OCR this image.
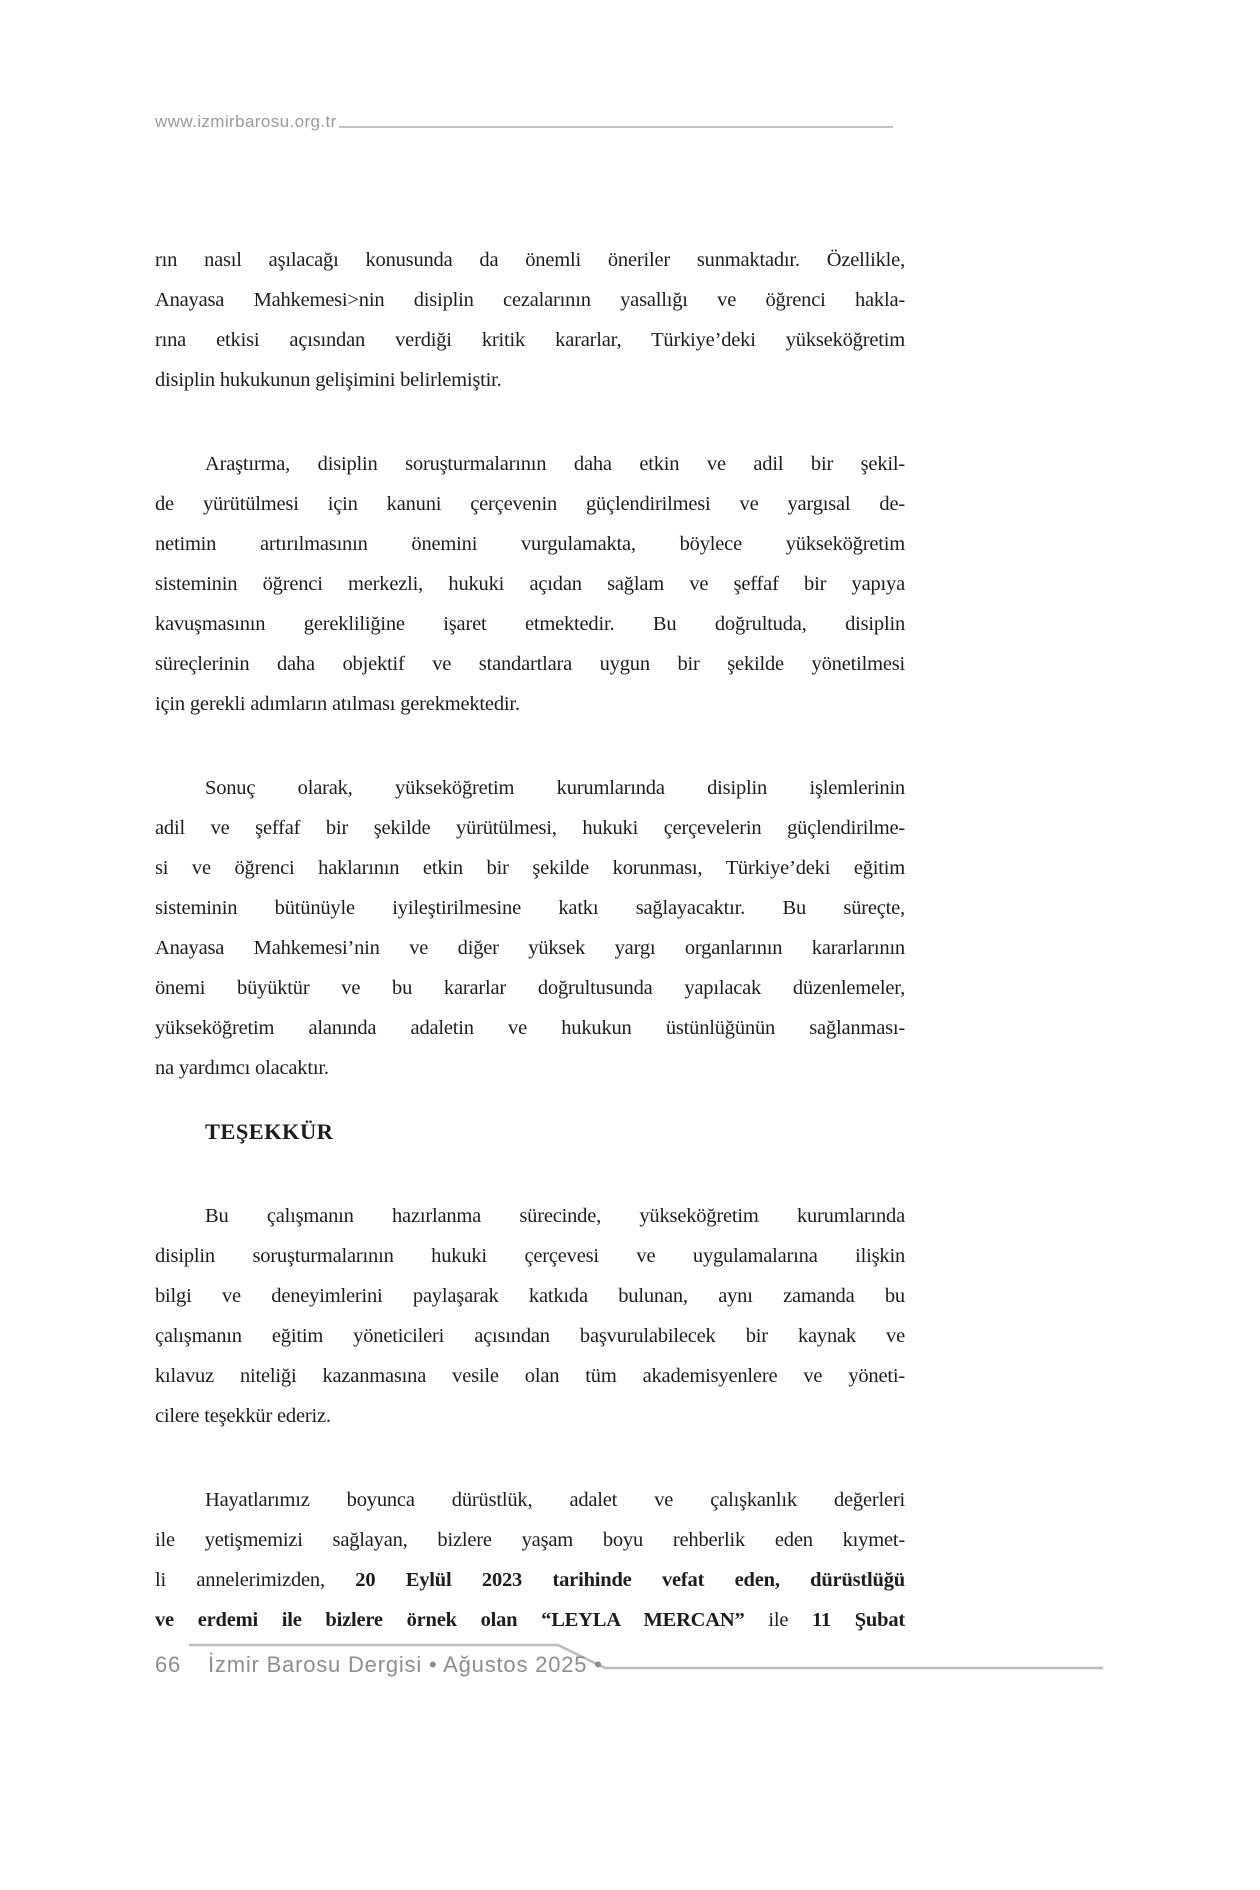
www.izmirbarosu.org.tr

rın nasıl aşılacağı konusunda da önemli öneriler sunmaktadır. Özellikle,
Anayasa Mahkemesi>nin disiplin cezalarının yasallığı ve öğrenci hakla-
rına etkisi açısından verdiği kritik kararlar, Türkiye’deki yükseköğretim
disiplin hukukunun gelişimini belirlemiştir.

Araştırma, disiplin soruşturmalarının daha etkin ve adil bir şekil-
de yürütülmesi için kanuni çerçevenin güçlendirilmesi ve yargısal de-
netimin artırılmasının önemini vurgulamakta, böylece yükseköğretim
sisteminin öğrenci merkezli, hukuki açıdan sağlam ve şeffaf bir yapıya
kavuşmasının gerekliliğine işaret etmektedir. Bu doğrultuda, disiplin
süreçlerinin daha objektif ve standartlara uygun bir şekilde yönetilmesi
için gerekli adımların atılması gerekmektedir.

Sonuç olarak, yükseköğretim kurumlarında disiplin işlemlerinin
adil ve şeffaf bir şekilde yürütülmesi, hukuki çerçevelerin güçlendirilme-
si ve öğrenci haklarının etkin bir şekilde korunması, Türkiye’deki eğitim
sisteminin bütünüyle iyileştirilmesine katkı sağlayacaktır. Bu süreçte,
Anayasa Mahkemesi’nin ve diğer yüksek yargı organlarının kararlarının
önemi büyüktür ve bu kararlar doğrultusunda yapılacak düzenlemeler,
yükseköğretim alanında adaletin ve hukukun üstünlüğünün sağlanması-
na yardımcı olacaktır.

TEŞEKKÜR

Bu çalışmanın hazırlanma sürecinde, yükseköğretim kurumlarında
disiplin soruşturmalarının hukuki çerçevesi ve uygulamalarına ilişkin
bilgi ve deneyimlerini paylaşarak katkıda bulunan, aynı zamanda bu
çalışmanın eğitim yöneticileri açısından başvurulabilecek bir kaynak ve
kılavuz niteliği kazanmasına vesile olan tüm akademisyenlere ve yöneti-
cilere teşekkür ederiz.

Hayatlarımız boyunca dürüstlük, adalet ve çalışkanlık değerleri
ile yetişmemizi sağlayan, bizlere yaşam boyu rehberlik eden kıymet-
li annelerimizden, 20 Eylül 2023 tarihinde vefat eden, dürüstlüğü
ve erdemi ile bizlere örnek olan “LEYLA MERCAN” ile 11 Şubat

66 İzmir Barosu Dergisi • Ağustos 2025 •
